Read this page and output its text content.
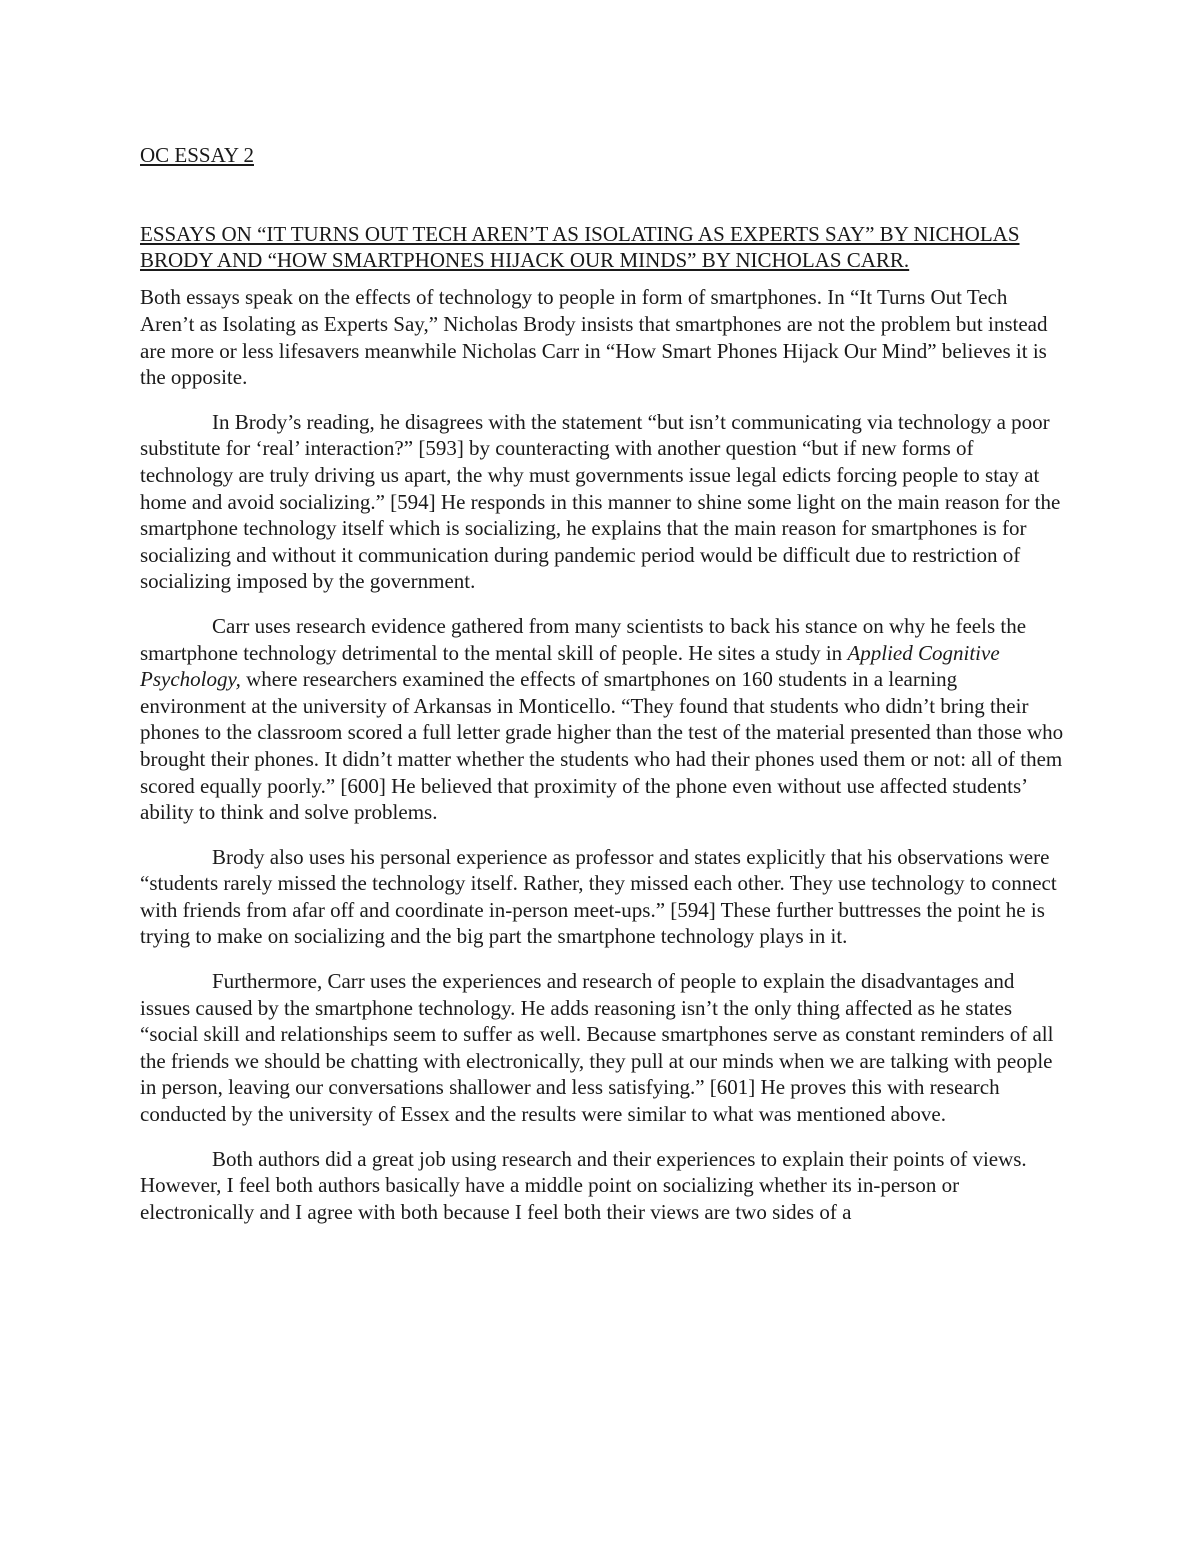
OC ESSAY 2

ESSAYS ON “IT TURNS OUT TECH AREN’T AS ISOLATING AS EXPERTS SAY” BY NICHOLAS BRODY AND “HOW SMARTPHONES HIJACK OUR MINDS” BY NICHOLAS CARR.

Both essays speak on the effects of technology to people in form of smartphones. In “It Turns Out Tech Aren’t as Isolating as Experts Say,” Nicholas Brody insists that smartphones are not the problem but instead are more or less lifesavers meanwhile Nicholas Carr in “How Smart Phones Hijack Our Mind” believes it is the opposite.

In Brody’s reading, he disagrees with the statement “but isn’t communicating via technology a poor substitute for ‘real’ interaction?” [593] by counteracting with another question “but if new forms of technology are truly driving us apart, the why must governments issue legal edicts forcing people to stay at home and avoid socializing.” [594] He responds in this manner to shine some light on the main reason for the smartphone technology itself which is socializing, he explains that the main reason for smartphones is for socializing and without it communication during pandemic period would be difficult due to restriction of socializing imposed by the government.

Carr uses research evidence gathered from many scientists to back his stance on why he feels the smartphone technology detrimental to the mental skill of people. He sites a study in Applied Cognitive Psychology, where researchers examined the effects of smartphones on 160 students in a learning environment at the university of Arkansas in Monticello. “They found that students who didn’t bring their phones to the classroom scored a full letter grade higher than the test of the material presented than those who brought their phones. It didn’t matter whether the students who had their phones used them or not: all of them scored equally poorly.” [600] He believed that proximity of the phone even without use affected students’ ability to think and solve problems.

Brody also uses his personal experience as professor and states explicitly that his observations were “students rarely missed the technology itself. Rather, they missed each other. They use technology to connect with friends from afar off and coordinate in-person meet-ups.” [594] These further buttresses the point he is trying to make on socializing and the big part the smartphone technology plays in it.

Furthermore, Carr uses the experiences and research of people to explain the disadvantages and issues caused by the smartphone technology. He adds reasoning isn’t the only thing affected as he states “social skill and relationships seem to suffer as well. Because smartphones serve as constant reminders of all the friends we should be chatting with electronically, they pull at our minds when we are talking with people in person, leaving our conversations shallower and less satisfying.” [601] He proves this with research conducted by the university of Essex and the results were similar to what was mentioned above.

Both authors did a great job using research and their experiences to explain their points of views. However, I feel both authors basically have a middle point on socializing whether its in-person or electronically and I agree with both because I feel both their views are two sides of a
